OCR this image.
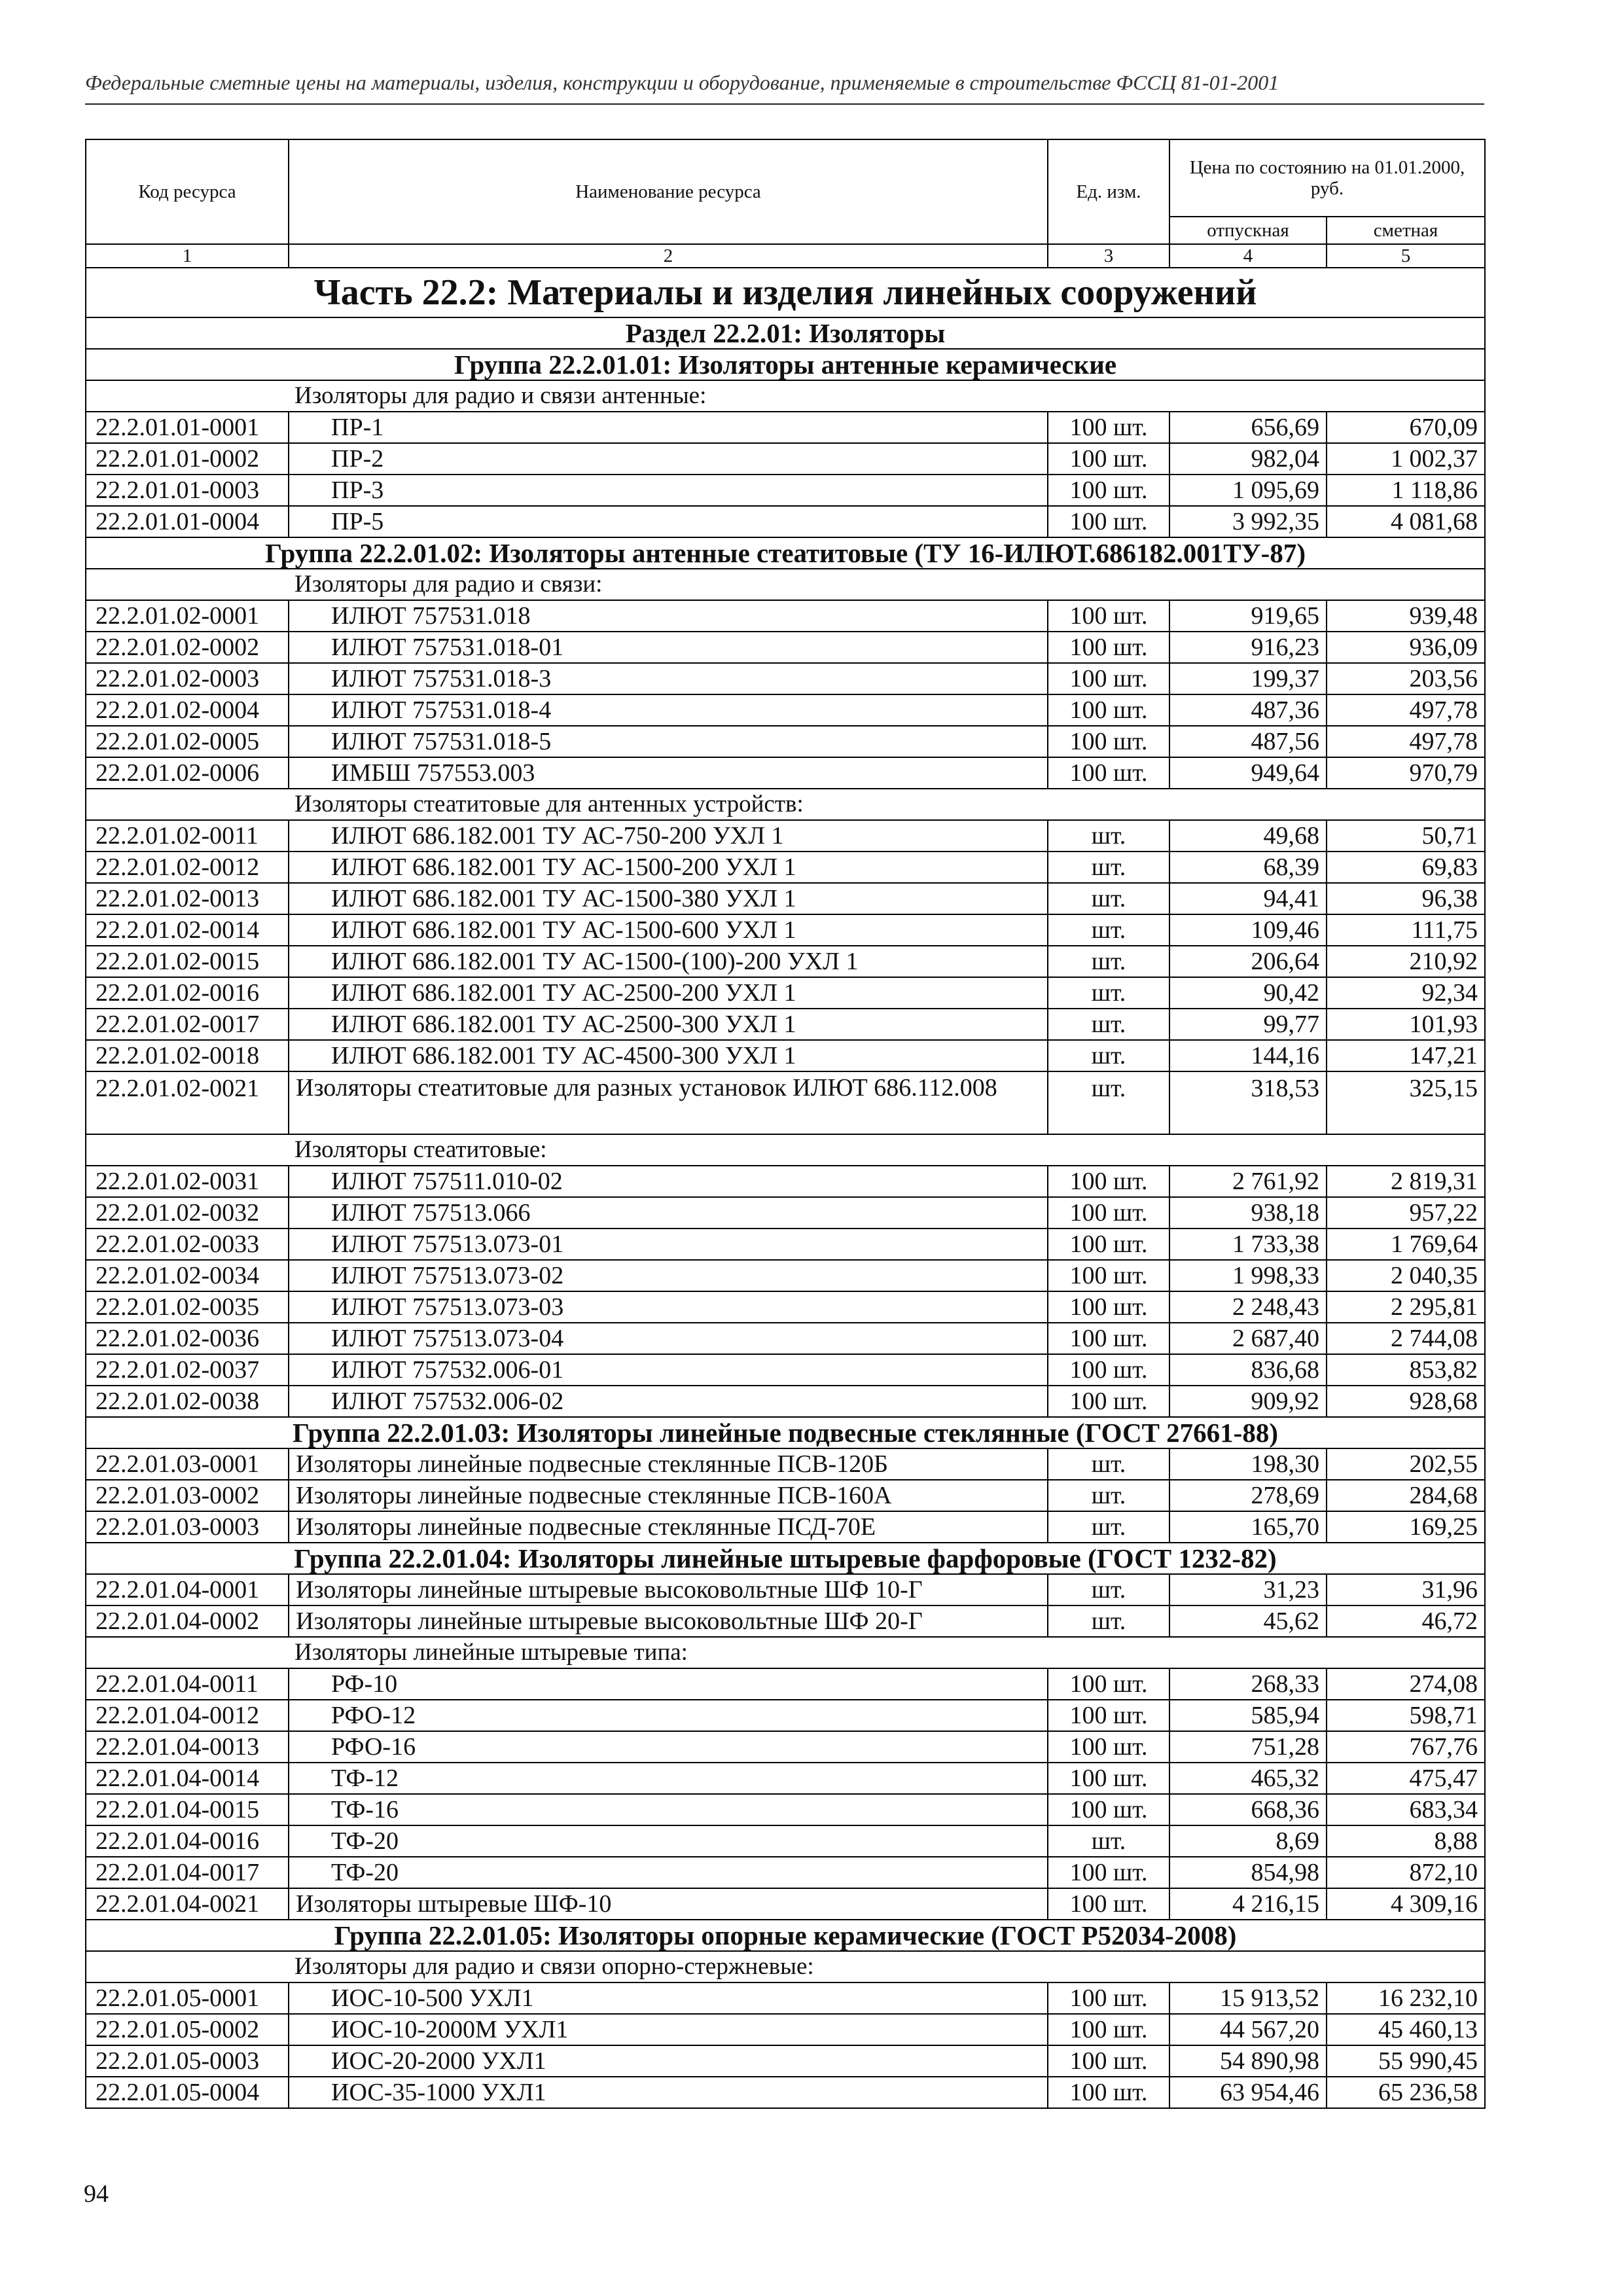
Федеральные сметные цены на материалы, изделия, конструкции и оборудование, применяемые в строительстве ФССЦ 81-01-2001
Код ресурса	Наименование ресурса	Ед. изм.	Цена по состоянию на 01.01.2000, руб.	
			отпускная	сметная
1	2	3	4	5
Часть 22.2: Материалы и изделия линейных сооружений				
Раздел 22.2.01: Изоляторы				
Группа 22.2.01.01: Изоляторы антенные керамические				
Изоляторы для радио и связи антенные:				
22.2.01.01-0001	ПР-1	100 шт.	656,69	670,09
22.2.01.01-0002	ПР-2	100 шт.	982,04	1 002,37
22.2.01.01-0003	ПР-3	100 шт.	1 095,69	1 118,86
22.2.01.01-0004	ПР-5	100 шт.	3 992,35	4 081,68
Группа 22.2.01.02: Изоляторы антенные стеатитовые (ТУ 16-ИЛЮТ.686182.001ТУ-87)				
Изоляторы для радио и связи:				
22.2.01.02-0001	ИЛЮТ 757531.018	100 шт.	919,65	939,48
22.2.01.02-0002	ИЛЮТ 757531.018-01	100 шт.	916,23	936,09
22.2.01.02-0003	ИЛЮТ 757531.018-3	100 шт.	199,37	203,56
22.2.01.02-0004	ИЛЮТ 757531.018-4	100 шт.	487,36	497,78
22.2.01.02-0005	ИЛЮТ 757531.018-5	100 шт.	487,56	497,78
22.2.01.02-0006	ИМБШ 757553.003	100 шт.	949,64	970,79
Изоляторы стеатитовые для антенных устройств:				
22.2.01.02-0011	ИЛЮТ 686.182.001 ТУ АС-750-200 УХЛ 1	шт.	49,68	50,71
22.2.01.02-0012	ИЛЮТ 686.182.001 ТУ АС-1500-200 УХЛ 1	шт.	68,39	69,83
22.2.01.02-0013	ИЛЮТ 686.182.001 ТУ АС-1500-380 УХЛ 1	шт.	94,41	96,38
22.2.01.02-0014	ИЛЮТ 686.182.001 ТУ АС-1500-600 УХЛ 1	шт.	109,46	111,75
22.2.01.02-0015	ИЛЮТ 686.182.001 ТУ АС-1500-(100)-200 УХЛ 1	шт.	206,64	210,92
22.2.01.02-0016	ИЛЮТ 686.182.001 ТУ АС-2500-200 УХЛ 1	шт.	90,42	92,34
22.2.01.02-0017	ИЛЮТ 686.182.001 ТУ АС-2500-300 УХЛ 1	шт.	99,77	101,93
22.2.01.02-0018	ИЛЮТ 686.182.001 ТУ АС-4500-300 УХЛ 1	шт.	144,16	147,21
22.2.01.02-0021	Изоляторы стеатитовые для разных установок ИЛЮТ 686.112.008	шт.	318,53	325,15
Изоляторы стеатитовые:				
22.2.01.02-0031	ИЛЮТ 757511.010-02	100 шт.	2 761,92	2 819,31
22.2.01.02-0032	ИЛЮТ 757513.066	100 шт.	938,18	957,22
22.2.01.02-0033	ИЛЮТ 757513.073-01	100 шт.	1 733,38	1 769,64
22.2.01.02-0034	ИЛЮТ 757513.073-02	100 шт.	1 998,33	2 040,35
22.2.01.02-0035	ИЛЮТ 757513.073-03	100 шт.	2 248,43	2 295,81
22.2.01.02-0036	ИЛЮТ 757513.073-04	100 шт.	2 687,40	2 744,08
22.2.01.02-0037	ИЛЮТ 757532.006-01	100 шт.	836,68	853,82
22.2.01.02-0038	ИЛЮТ 757532.006-02	100 шт.	909,92	928,68
Группа 22.2.01.03: Изоляторы линейные подвесные стеклянные (ГОСТ 27661-88)				
22.2.01.03-0001	Изоляторы линейные подвесные стеклянные ПСВ-120Б	шт.	198,30	202,55
22.2.01.03-0002	Изоляторы линейные подвесные стеклянные ПСВ-160А	шт.	278,69	284,68
22.2.01.03-0003	Изоляторы линейные подвесные стеклянные ПСД-70Е	шт.	165,70	169,25
Группа 22.2.01.04: Изоляторы линейные штыревые фарфоровые (ГОСТ 1232-82)				
22.2.01.04-0001	Изоляторы линейные штыревые высоковольтные ШФ 10-Г	шт.	31,23	31,96
22.2.01.04-0002	Изоляторы линейные штыревые высоковольтные ШФ 20-Г	шт.	45,62	46,72
Изоляторы линейные штыревые типа:				
22.2.01.04-0011	РФ-10	100 шт.	268,33	274,08
22.2.01.04-0012	РФО-12	100 шт.	585,94	598,71
22.2.01.04-0013	РФО-16	100 шт.	751,28	767,76
22.2.01.04-0014	ТФ-12	100 шт.	465,32	475,47
22.2.01.04-0015	ТФ-16	100 шт.	668,36	683,34
22.2.01.04-0016	ТФ-20	шт.	8,69	8,88
22.2.01.04-0017	ТФ-20	100 шт.	854,98	872,10
22.2.01.04-0021	Изоляторы штыревые ШФ-10	100 шт.	4 216,15	4 309,16
Группа 22.2.01.05: Изоляторы опорные керамические (ГОСТ Р52034-2008)				
Изоляторы для радио и связи опорно-стержневые:				
22.2.01.05-0001	ИОС-10-500 УХЛ1	100 шт.	15 913,52	16 232,10
22.2.01.05-0002	ИОС-10-2000М УХЛ1	100 шт.	44 567,20	45 460,13
22.2.01.05-0003	ИОС-20-2000 УХЛ1	100 шт.	54 890,98	55 990,45
22.2.01.05-0004	ИОС-35-1000 УХЛ1	100 шт.	63 954,46	65 236,58
94
